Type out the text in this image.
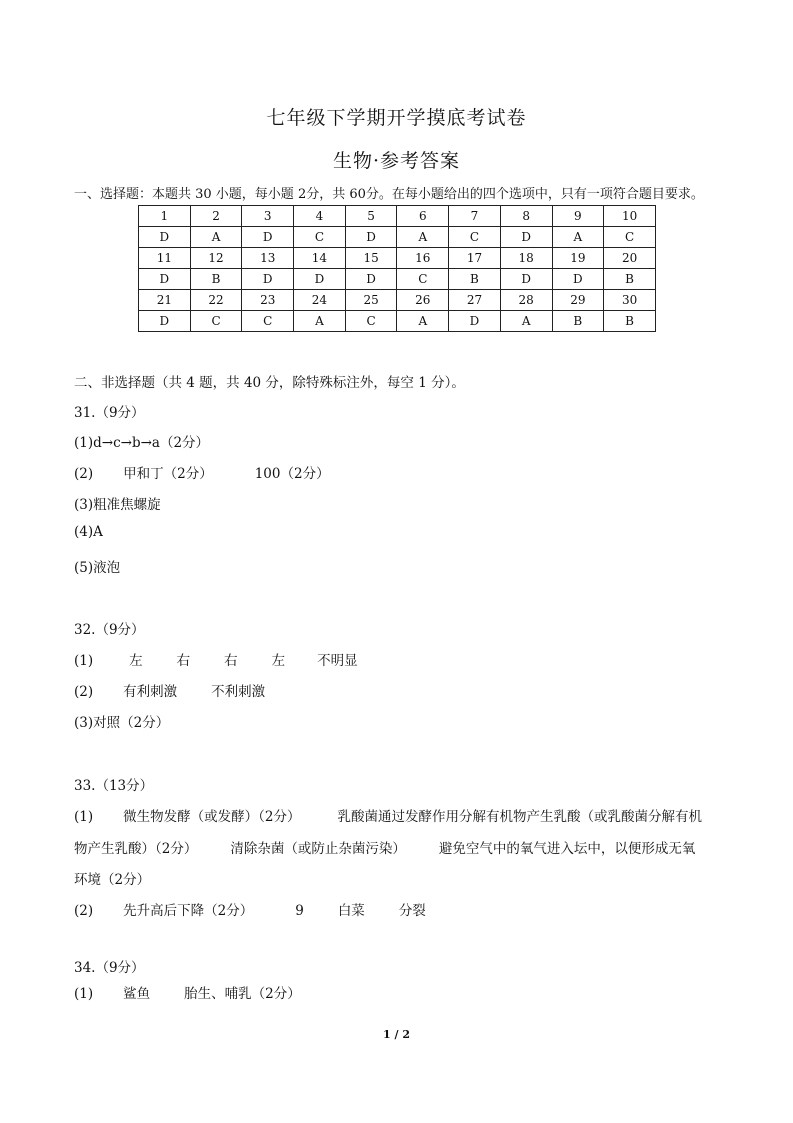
七年级下学期开学摸底考试卷
生物·参考答案
一、选择题：本题共 30 小题，每小题 2分，共 60分。在每小题给出的四个选项中，只有一项符合题目要求。
1	2	3	4	5	6	7	8	9	10
D	A	D	C	D	A	C	D	A	C
11	12	13	14	15	16	17	18	19	20
D	B	D	D	D	C	B	D	D	B
21	22	23	24	25	26	27	28	29	30
D	C	C	A	C	A	D	A	B	B
二、非选择题（共 4 题，共 40 分，除特殊标注外，每空 1 分）。
31.（9分）
(1)d→c→b→a（2分）
(2) 甲和丁（2分）	100（2分）
(3)粗准焦螺旋
(4)A
(5)液泡
32.（9分）
(1)	左	右	右	左 不明显
(2) 有利刺激	不利刺激
(3)对照（2分）
33.（13分）
(1) 微生物发酵（或发酵）（2分）	乳酸菌通过发酵作用分解有机物产生乳酸（或乳酸菌分解有机
物产生乳酸）（2分） 清除杂菌（或防止杂菌污染） 避免空气中的氧气进入坛中，以便形成无氧
环境（2分）
(2) 先升高后下降（2分）	9	白菜	分裂
34.（9分）
(1) 鲨鱼	胎生、哺乳（2分）
1 / 2
